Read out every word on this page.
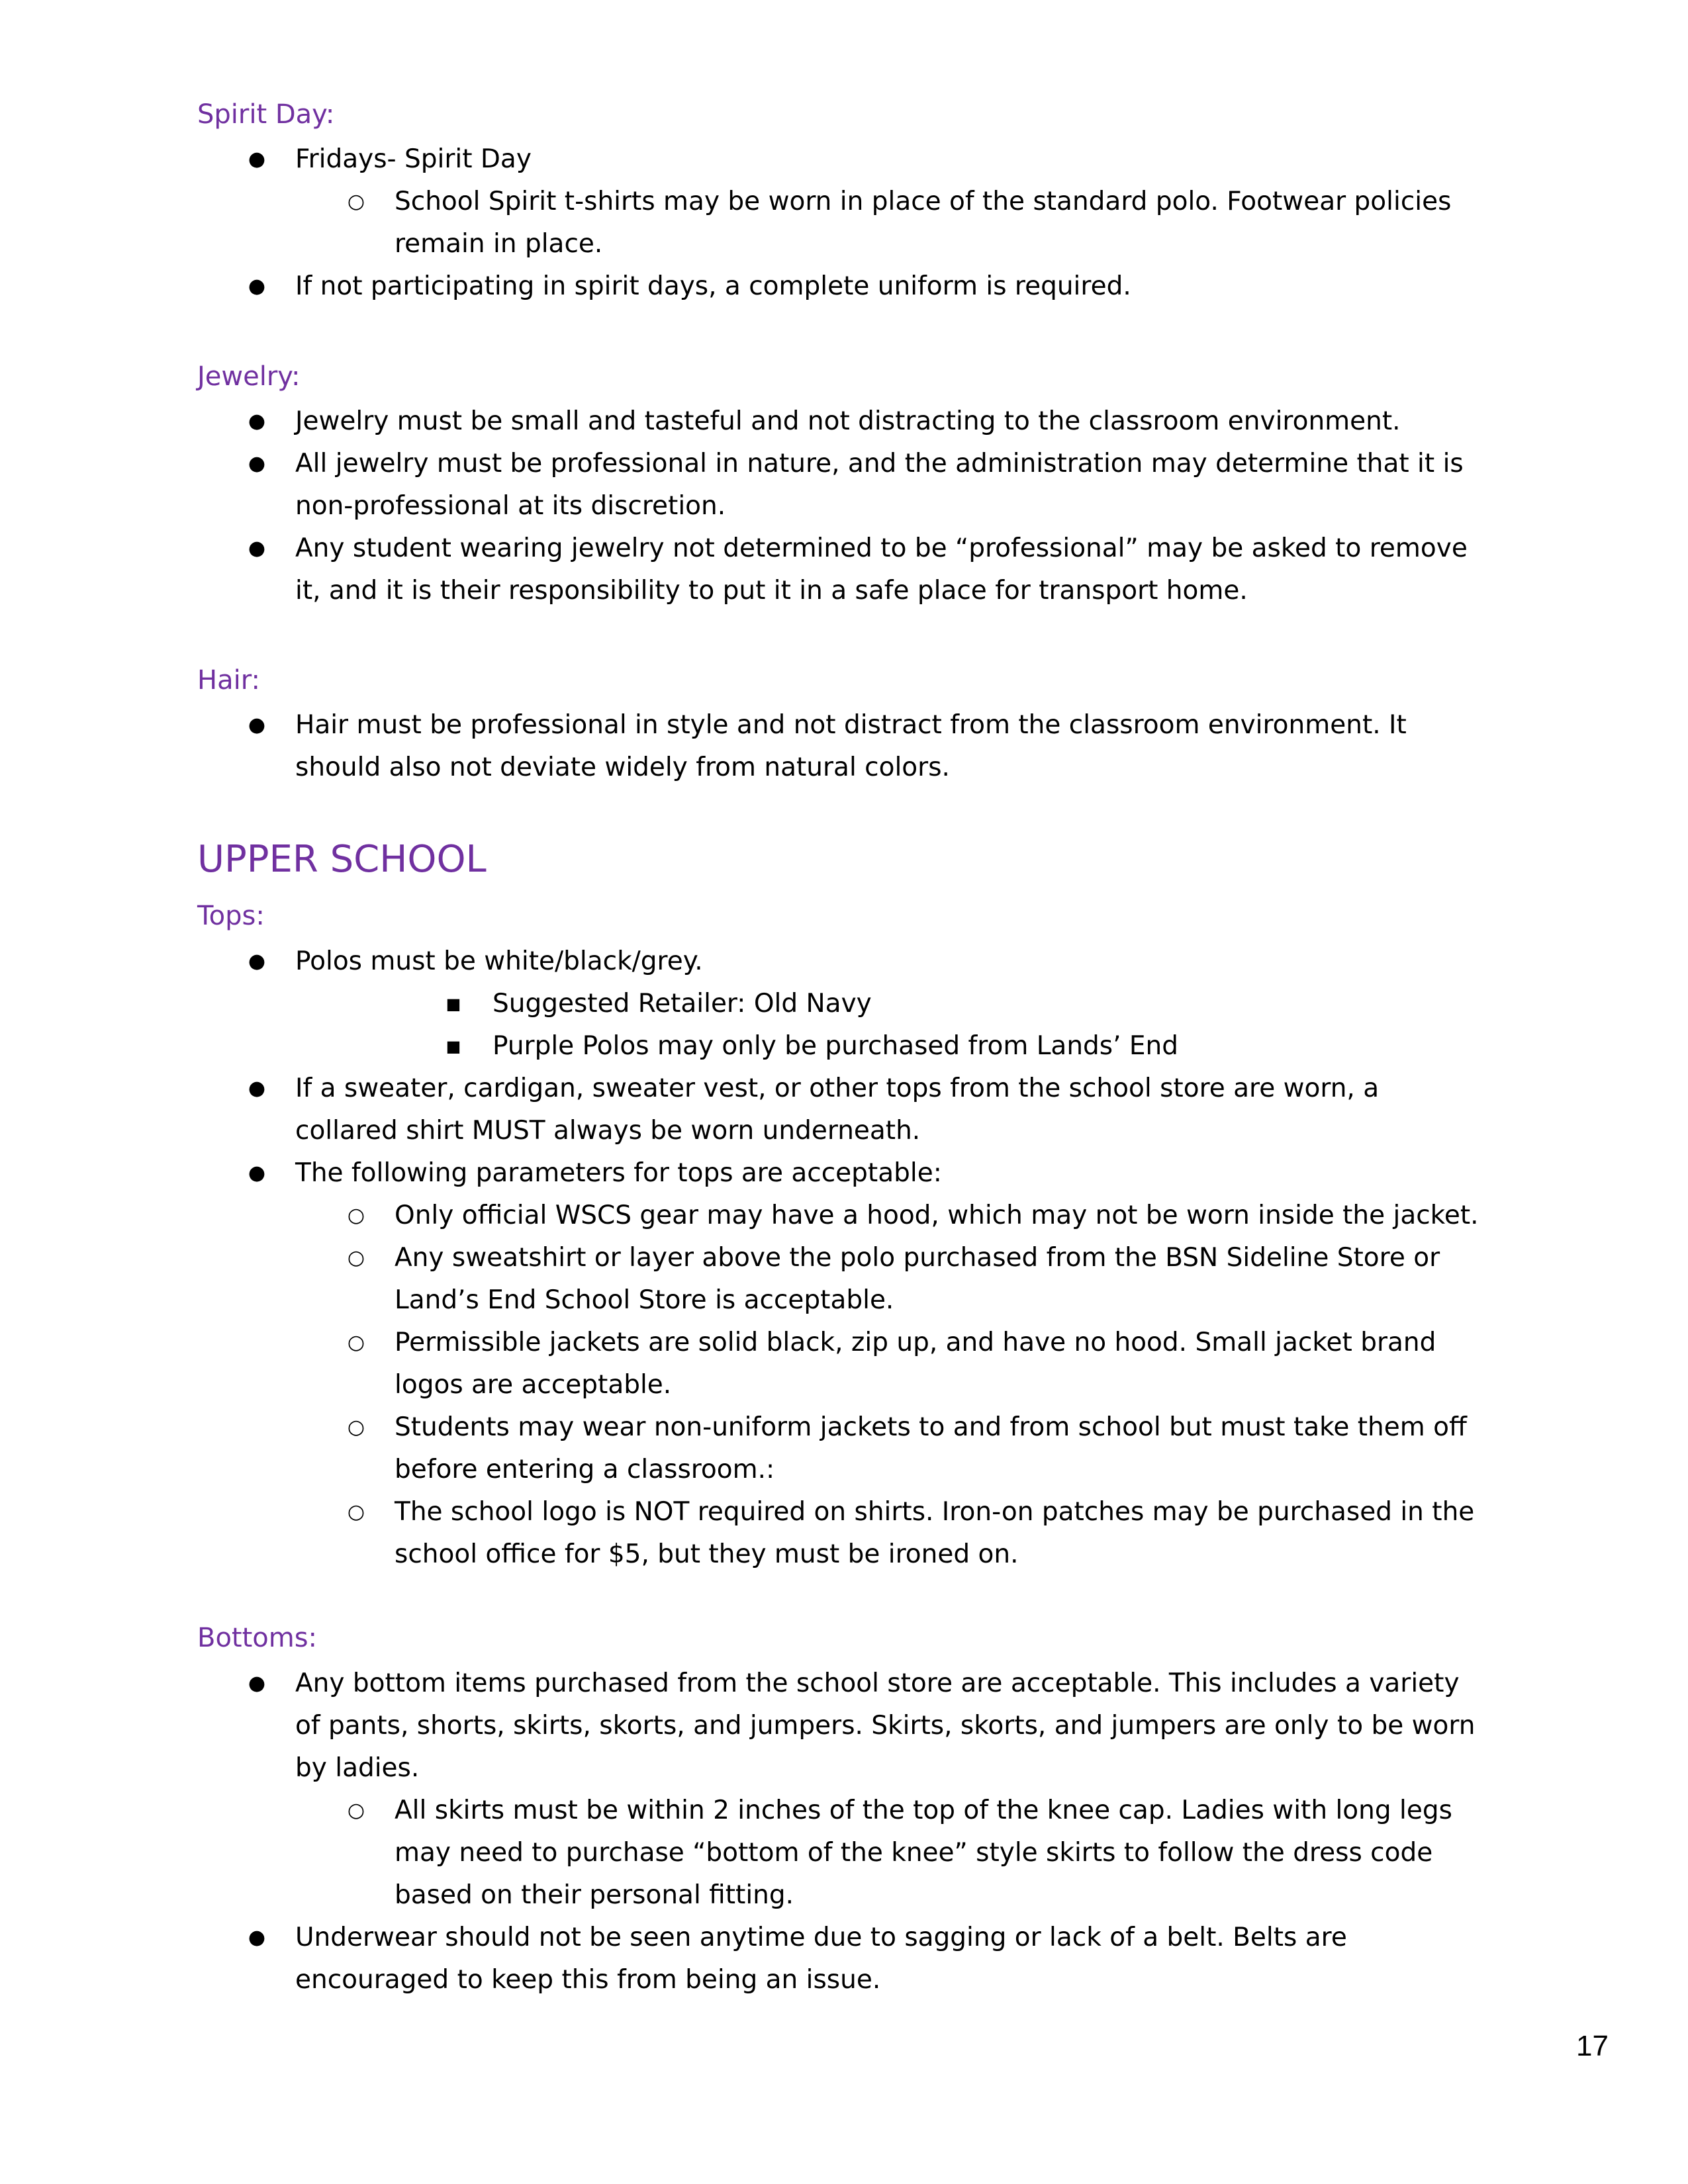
Spirit Day:
● Fridays- Spirit Day
○ School Spirit t-shirts may be worn in place of the standard polo. Footwear policies remain in place.
● If not participating in spirit days, a complete uniform is required.
Jewelry:
● Jewelry must be small and tasteful and not distracting to the classroom environment.
● All jewelry must be professional in nature, and the administration may determine that it is non-professional at its discretion.
● Any student wearing jewelry not determined to be “professional” may be asked to remove it, and it is their responsibility to put it in a safe place for transport home.
Hair:
● Hair must be professional in style and not distract from the classroom environment. It should also not deviate widely from natural colors.
UPPER SCHOOL
Tops:
● Polos must be white/black/grey.
■ Suggested Retailer: Old Navy
■ Purple Polos may only be purchased from Lands’ End
● If a sweater, cardigan, sweater vest, or other tops from the school store are worn, a collared shirt MUST always be worn underneath.
● The following parameters for tops are acceptable:
○ Only official WSCS gear may have a hood, which may not be worn inside the jacket.
○ Any sweatshirt or layer above the polo purchased from the BSN Sideline Store or Land’s End School Store is acceptable.
○ Permissible jackets are solid black, zip up, and have no hood. Small jacket brand logos are acceptable.
○ Students may wear non-uniform jackets to and from school but must take them off before entering a classroom.:
○ The school logo is NOT required on shirts. Iron-on patches may be purchased in the school office for $5, but they must be ironed on.
Bottoms:
● Any bottom items purchased from the school store are acceptable. This includes a variety of pants, shorts, skirts, skorts, and jumpers. Skirts, skorts, and jumpers are only to be worn by ladies.
○ All skirts must be within 2 inches of the top of the knee cap. Ladies with long legs may need to purchase “bottom of the knee” style skirts to follow the dress code based on their personal fitting.
● Underwear should not be seen anytime due to sagging or lack of a belt. Belts are encouraged to keep this from being an issue.
17
